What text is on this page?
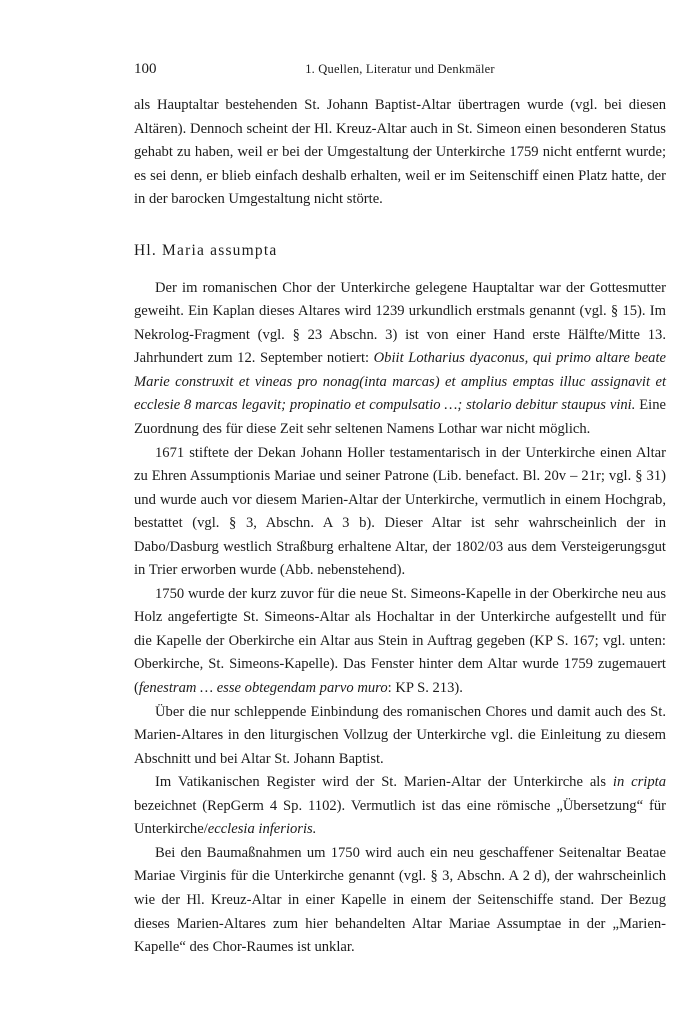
100	1. Quellen, Literatur und Denkmäler

als Hauptaltar bestehenden St. Johann Baptist-Altar übertragen wurde (vgl. bei diesen Altären). Dennoch scheint der Hl. Kreuz-Altar auch in St. Simeon einen besonderen Status gehabt zu haben, weil er bei der Umgestaltung der Unterkirche 1759 nicht entfernt wurde; es sei denn, er blieb einfach deshalb erhalten, weil er im Seitenschiff einen Platz hatte, der in der barocken Umgestaltung nicht störte.

Hl. Maria assumpta

Der im romanischen Chor der Unterkirche gelegene Hauptaltar war der Gottesmutter geweiht. Ein Kaplan dieses Altares wird 1239 urkundlich erstmals genannt (vgl. § 15). Im Nekrolog-Fragment (vgl. § 23 Abschn. 3) ist von einer Hand erste Hälfte/Mitte 13. Jahrhundert zum 12. September notiert: Obiit Lotharius dyaconus, qui primo altare beate Marie construxit et vineas pro nonag(inta marcas) et amplius emptas illuc assignavit et ecclesie 8 marcas legavit; propinatio et compulsatio …; stolario debitur staupus vini. Eine Zuordnung des für diese Zeit sehr seltenen Namens Lothar war nicht möglich.

1671 stiftete der Dekan Johann Holler testamentarisch in der Unterkirche einen Altar zu Ehren Assumptionis Mariae und seiner Patrone (Lib. benefact. Bl. 20v – 21r; vgl. § 31) und wurde auch vor diesem Marien-Altar der Unterkirche, vermutlich in einem Hochgrab, bestattet (vgl. § 3, Abschn. A 3 b). Dieser Altar ist sehr wahrscheinlich der in Dabo/Dasburg westlich Straßburg erhaltene Altar, der 1802/03 aus dem Versteigerungsgut in Trier erworben wurde (Abb. nebenstehend).

1750 wurde der kurz zuvor für die neue St. Simeons-Kapelle in der Oberkirche neu aus Holz angefertigte St. Simeons-Altar als Hochaltar in der Unterkirche aufgestellt und für die Kapelle der Oberkirche ein Altar aus Stein in Auftrag gegeben (KP S. 167; vgl. unten: Oberkirche, St. Simeons-Kapelle). Das Fenster hinter dem Altar wurde 1759 zugemauert (fenestram … esse obtegendam parvo muro: KP S. 213).

Über die nur schleppende Einbindung des romanischen Chores und damit auch des St. Marien-Altares in den liturgischen Vollzug der Unterkirche vgl. die Einleitung zu diesem Abschnitt und bei Altar St. Johann Baptist.

Im Vatikanischen Register wird der St. Marien-Altar der Unterkirche als in cripta bezeichnet (RepGerm 4 Sp. 1102). Vermutlich ist das eine römische „Übersetzung“ für Unterkirche/ecclesia inferioris.

Bei den Baumaßnahmen um 1750 wird auch ein neu geschaffener Seitenaltar Beatae Mariae Virginis für die Unterkirche genannt (vgl. § 3, Abschn. A 2 d), der wahrscheinlich wie der Hl. Kreuz-Altar in einer Kapelle in einem der Seitenschiffe stand. Der Bezug dieses Marien-Altares zum hier behandelten Altar Mariae Assumptae in der „Marien-Kapelle“ des Chor-Raumes ist unklar.
